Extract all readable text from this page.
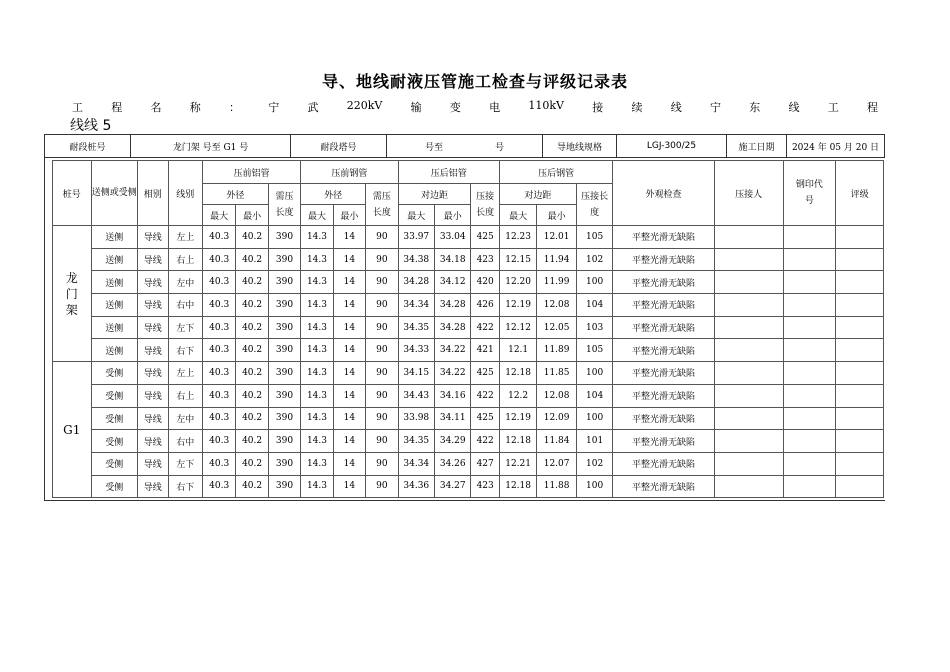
导、地线耐液压管施工检查与评级记录表
工	程	名	称	：	宁	武	220kV	输	变	电	110kV	接	续	线	宁	东	线	工	程
线线 5
耐段桩号	龙门架 号至 G1 号	耐段塔号	号至	号	导地线规格	LGJ-300/25	施工日期	2024 年 05 月 20 日
桩号	送侧或受侧	相别	线别	压前铝管			压前钢管			压后铝管			压后钢管			外观检查	压接人	钢印代号	评级
				外径		需压长度	外径		需压长度	对边距		压接长度	对边距		压接长度				
				最大	最小		最大	最小		最大	最小		最大	最小					
龙门架	送侧	导线	左上	40.3	40.2	390	14.3	14	90	33.97	33.04	425	12.23	12.01	105	平整光滑无缺陷			
	送侧	导线	右上	40.3	40.2	390	14.3	14	90	34.38	34.18	423	12.15	11.94	102	平整光滑无缺陷			
	送侧	导线	左中	40.3	40.2	390	14.3	14	90	34.28	34.12	420	12.20	11.99	100	平整光滑无缺陷			
	送侧	导线	右中	40.3	40.2	390	14.3	14	90	34.34	34.28	426	12.19	12.08	104	平整光滑无缺陷			
	送侧	导线	左下	40.3	40.2	390	14.3	14	90	34.35	34.28	422	12.12	12.05	103	平整光滑无缺陷			
	送侧	导线	右下	40.3	40.2	390	14.3	14	90	34.33	34.22	421	12.1	11.89	105	平整光滑无缺陷			
G1	受侧	导线	左上	40.3	40.2	390	14.3	14	90	34.15	34.22	425	12.18	11.85	100	平整光滑无缺陷			
	受侧	导线	右上	40.3	40.2	390	14.3	14	90	34.43	34.16	422	12.2	12.08	104	平整光滑无缺陷			
	受侧	导线	左中	40.3	40.2	390	14.3	14	90	33.98	34.11	425	12.19	12.09	100	平整光滑无缺陷			
	受侧	导线	右中	40.3	40.2	390	14.3	14	90	34.35	34.29	422	12.18	11.84	101	平整光滑无缺陷			
	受侧	导线	左下	40.3	40.2	390	14.3	14	90	34.34	34.26	427	12.21	12.07	102	平整光滑无缺陷			
	受侧	导线	右下	40.3	40.2	390	14.3	14	90	34.36	34.27	423	12.18	11.88	100	平整光滑无缺陷			
